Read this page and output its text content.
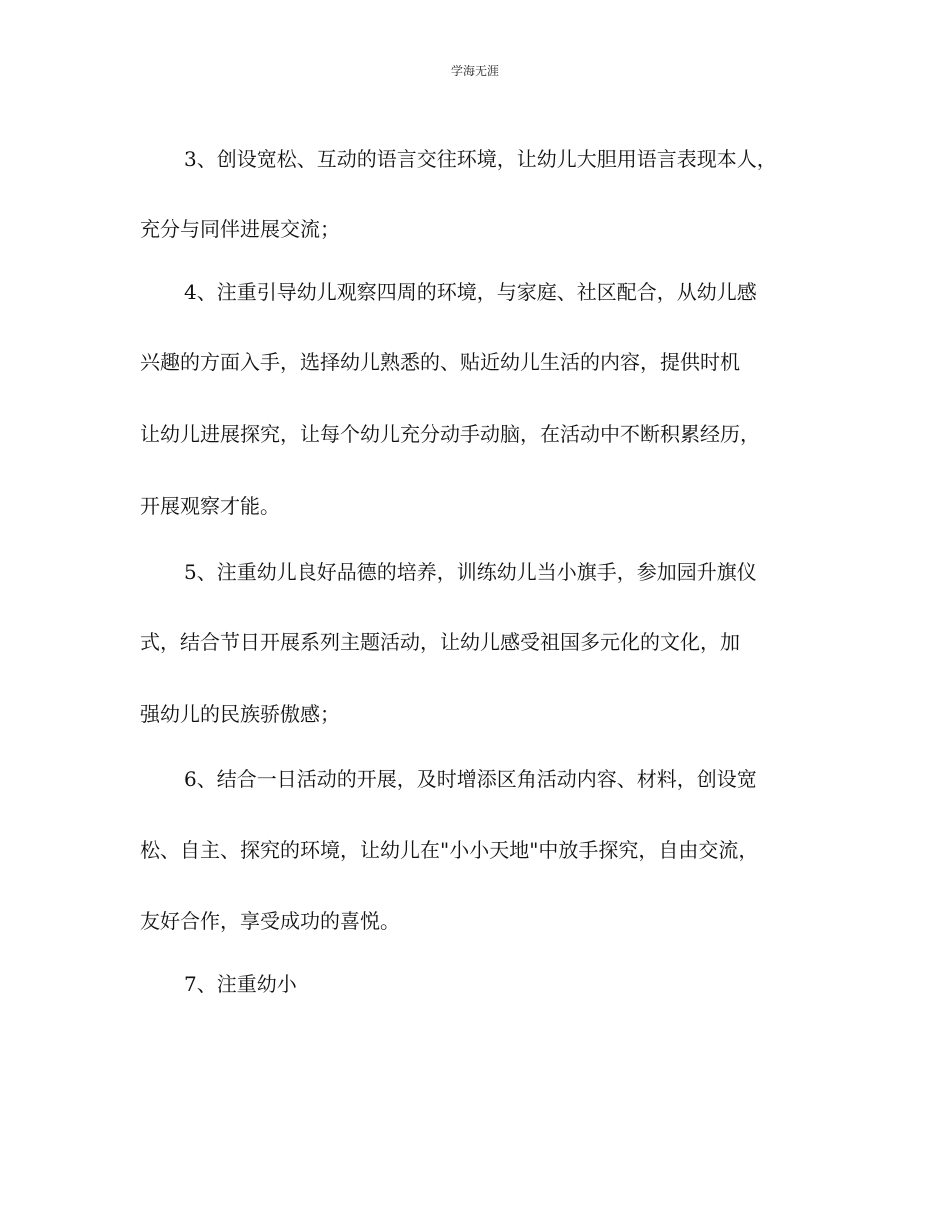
学海无涯
3、创设宽松、互动的语言交往环境，让幼儿大胆用语言表现本人，
充分与同伴进展交流；
4、注重引导幼儿观察四周的环境，与家庭、社区配合，从幼儿感
兴趣的方面入手，选择幼儿熟悉的、贴近幼儿生活的内容，提供时机
让幼儿进展探究，让每个幼儿充分动手动脑，在活动中不断积累经历，
开展观察才能。
5、注重幼儿良好品德的培养，训练幼儿当小旗手，参加园升旗仪
式，结合节日开展系列主题活动，让幼儿感受祖国多元化的文化，加
强幼儿的民族骄傲感；
6、结合一日活动的开展，及时增添区角活动内容、材料，创设宽
松、自主、探究的环境，让幼儿在"小小天地"中放手探究，自由交流，
友好合作，享受成功的喜悦。
7、注重幼小
